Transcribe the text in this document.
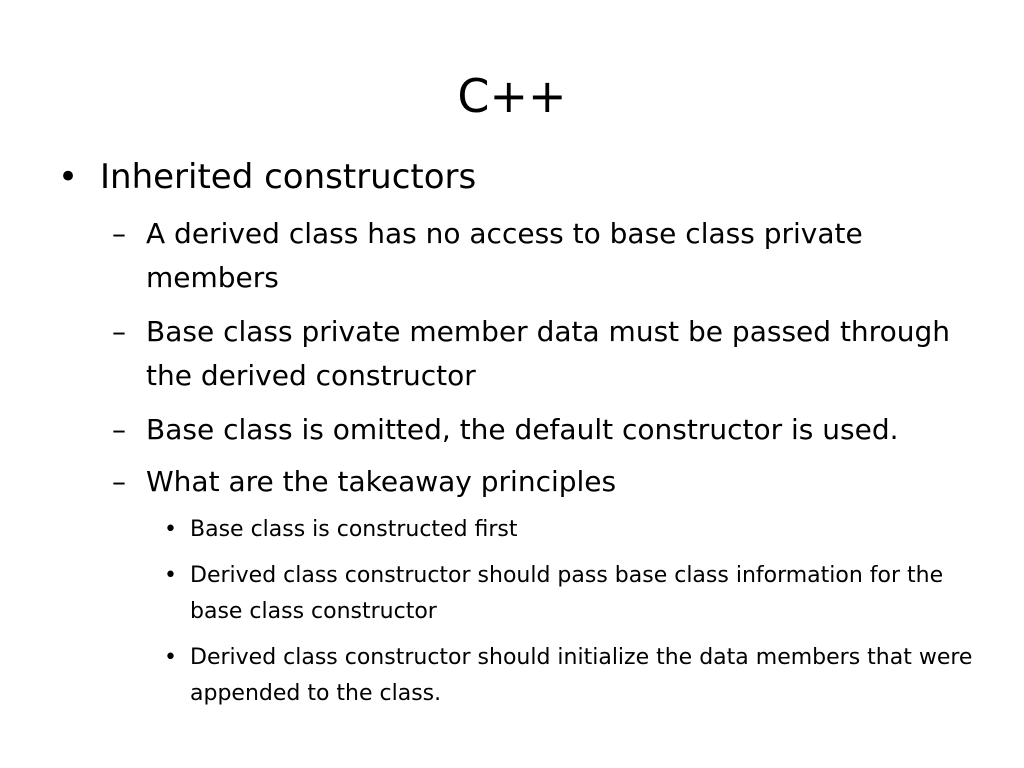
C++
• Inherited constructors
– A derived class has no access to base class private members
– Base class private member data must be passed through the derived constructor
– Base class is omitted, the default constructor is used.
– What are the takeaway principles
• Base class is constructed first
• Derived class constructor should pass base class information for the base class constructor
• Derived class constructor should initialize the data members that were appended to the class.
